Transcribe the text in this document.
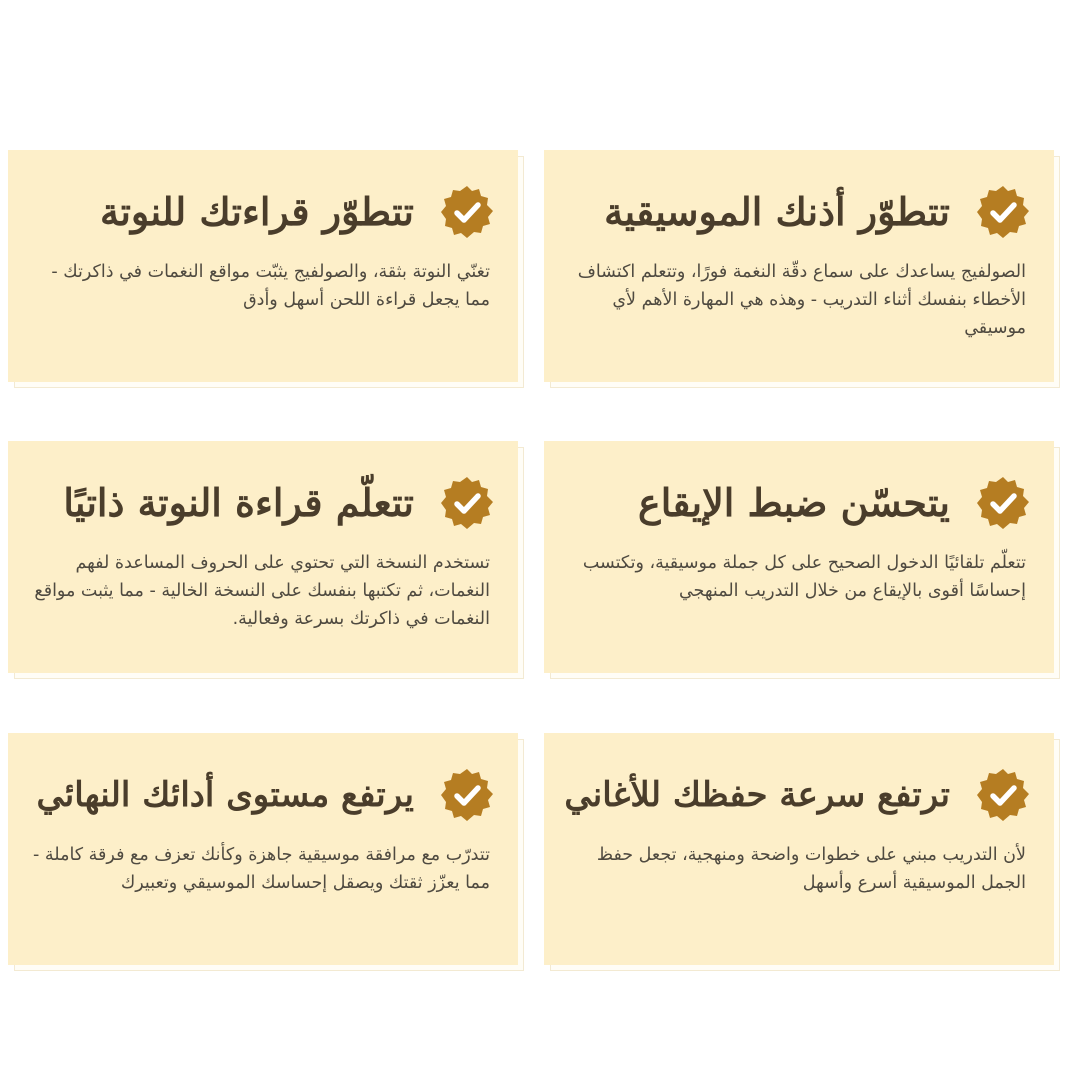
تتطوّر أذنك الموسيقية
الصولفيج يساعدك على سماع دقّة النغمة فورًا، وتتعلم اكتشاف الأخطاء بنفسك أثناء التدريب - وهذه هي المهارة الأهم لأي موسيقي
تتطوّر قراءتك للنوتة
تغنّي النوتة بثقة، والصولفيج يثبّت مواقع النغمات في ذاكرتك - مما يجعل قراءة اللحن أسهل وأدق
يتحسّن ضبط الإيقاع
تتعلّم تلقائيًا الدخول الصحيح على كل جملة موسيقية، وتكتسب إحساسًا أقوى بالإيقاع من خلال التدريب المنهجي
تتعلّم قراءة النوتة ذاتيًا
تستخدم النسخة التي تحتوي على الحروف المساعدة لفهم النغمات، ثم تكتبها بنفسك على النسخة الخالية - مما يثبت مواقع النغمات في ذاكرتك بسرعة وفعالية.
ترتفع سرعة حفظك للأغاني
لأن التدريب مبني على خطوات واضحة ومنهجية، تجعل حفظ الجمل الموسيقية أسرع وأسهل
يرتفع مستوى أدائك النهائي
تتدرّب مع مرافقة موسيقية جاهزة وكأنك تعزف مع فرقة كاملة - مما يعزّز ثقتك ويصقل إحساسك الموسيقي وتعبيرك
